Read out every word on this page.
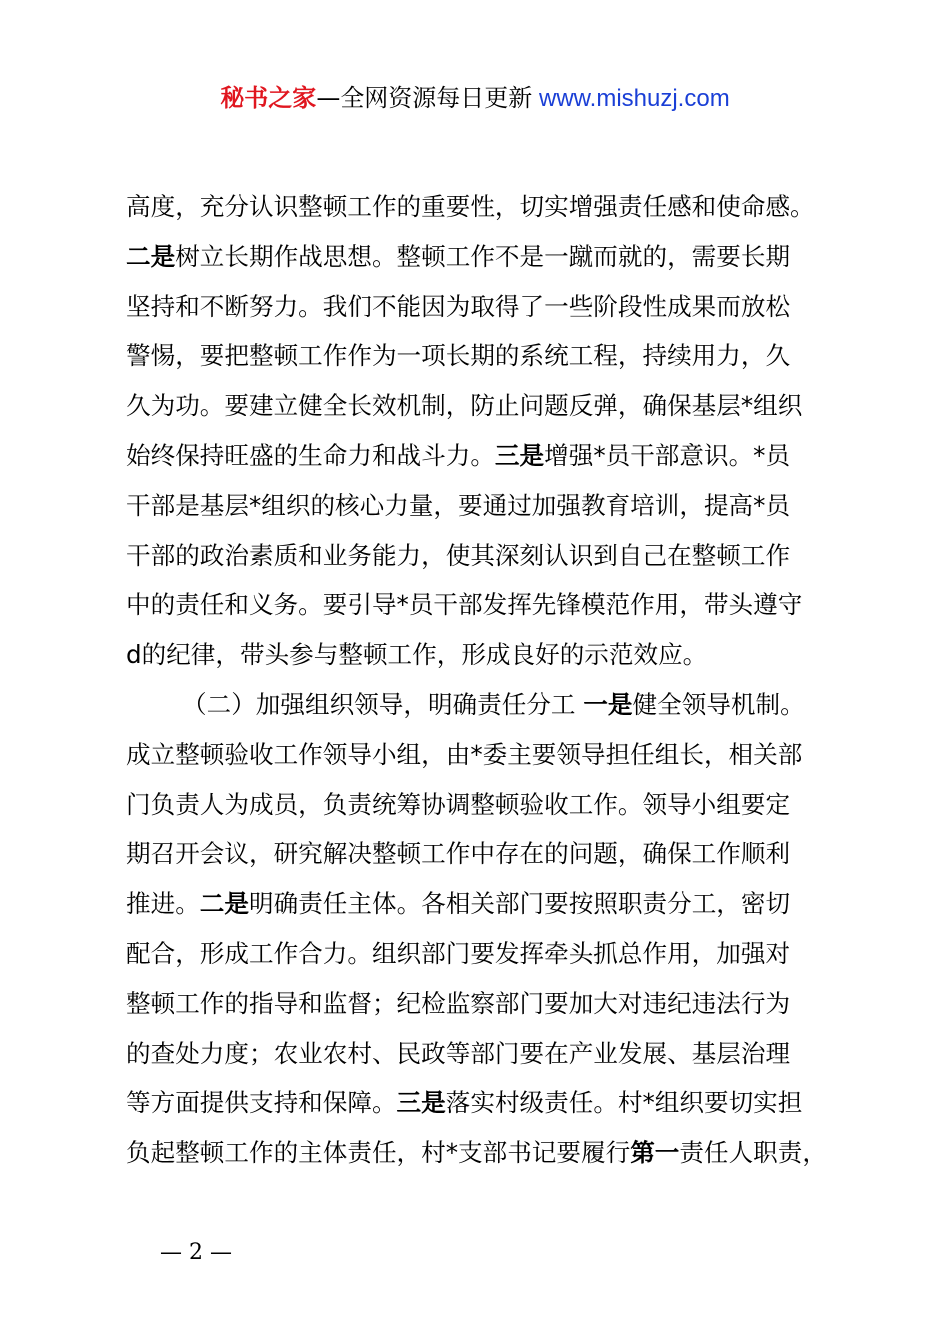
秘书之家—全网资源每日更新 www.mishuzj.com
高度，充分认识整顿工作的重要性，切实增强责任感和使命感。
二是树立长期作战思想。整顿工作不是一蹴而就的，需要长期
坚持和不断努力。我们不能因为取得了一些阶段性成果而放松
警惕，要把整顿工作作为一项长期的系统工程，持续用力，久
久为功。要建立健全长效机制，防止问题反弹，确保基层*组织
始终保持旺盛的生命力和战斗力。三是增强*员干部意识。*员
干部是基层*组织的核心力量，要通过加强教育培训，提高*员
干部的政治素质和业务能力，使其深刻认识到自己在整顿工作
中的责任和义务。要引导*员干部发挥先锋模范作用，带头遵守
d的纪律，带头参与整顿工作，形成良好的示范效应。
（二）加强组织领导，明确责任分工 一是健全领导机制。
成立整顿验收工作领导小组，由*委主要领导担任组长，相关部
门负责人为成员，负责统筹协调整顿验收工作。领导小组要定
期召开会议，研究解决整顿工作中存在的问题，确保工作顺利
推进。二是明确责任主体。各相关部门要按照职责分工，密切
配合，形成工作合力。组织部门要发挥牵头抓总作用，加强对
整顿工作的指导和监督；纪检监察部门要加大对违纪违法行为
的查处力度；农业农村、民政等部门要在产业发展、基层治理
等方面提供支持和保障。三是落实村级责任。村*组织要切实担
负起整顿工作的主体责任，村*支部书记要履行第一责任人职责，
— 2 —
